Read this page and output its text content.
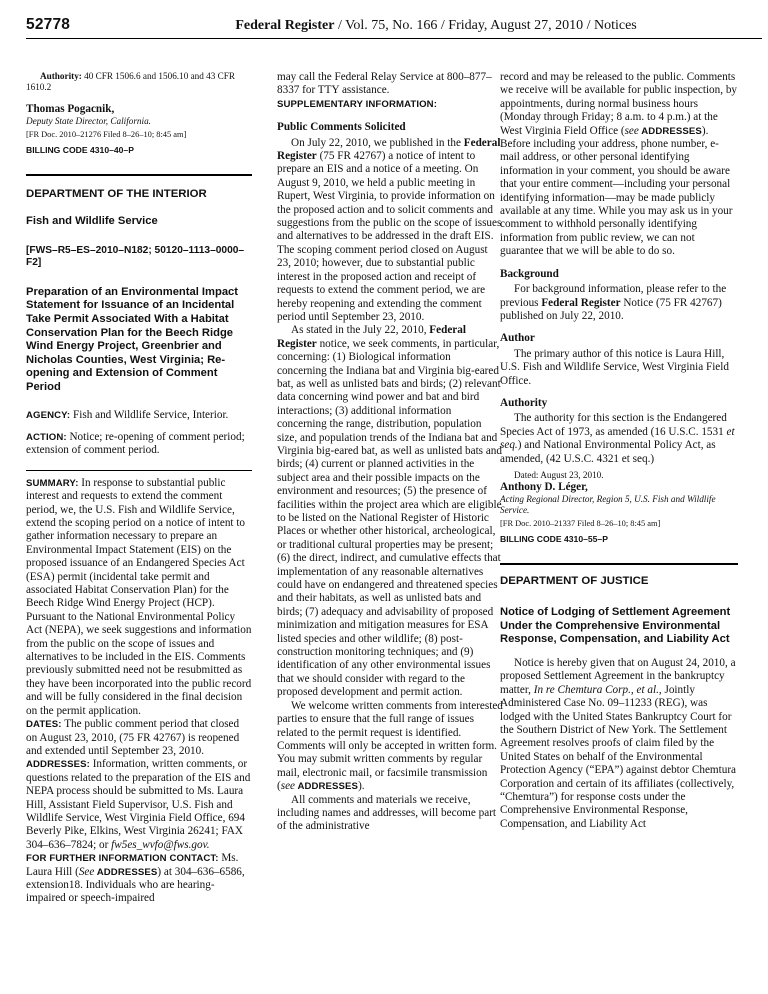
52778	Federal Register / Vol. 75, No. 166 / Friday, August 27, 2010 / Notices

Authority: 40 CFR 1506.6 and 1506.10 and 43 CFR 1610.2

Thomas Pogacnik,

Deputy State Director, California.

[FR Doc. 2010–21276 Filed 8–26–10; 8:45 am]

BILLING CODE 4310–40–P

DEPARTMENT OF THE INTERIOR

Fish and Wildlife Service

[FWS–R5–ES–2010–N182; 50120–1113–0000–F2]

Preparation of an Environmental Impact Statement for Issuance of an Incidental Take Permit Associated With a Habitat Conservation Plan for the Beech Ridge Wind Energy Project, Greenbrier and Nicholas Counties, West Virginia; Re-opening and Extension of Comment Period

AGENCY: Fish and Wildlife Service, Interior.

ACTION: Notice; re-opening of comment period; extension of comment period.

SUMMARY: In response to substantial public interest and requests to extend the comment period, we, the U.S. Fish and Wildlife Service, extend the scoping period on a notice of intent to gather information necessary to prepare an Environmental Impact Statement (EIS) on the proposed issuance of an Endangered Species Act (ESA) permit (incidental take permit and associated Habitat Conservation Plan) for the Beech Ridge Wind Energy Project (HCP). Pursuant to the National Environmental Policy Act (NEPA), we seek suggestions and information from the public on the scope of issues and alternatives to be included in the EIS. Comments previously submitted need not be resubmitted as they have been incorporated into the public record and will be fully considered in the final decision on the permit application.

DATES: The public comment period that closed on August 23, 2010, (75 FR 42767) is reopened and extended until September 23, 2010.

ADDRESSES: Information, written comments, or questions related to the preparation of the EIS and NEPA process should be submitted to Ms. Laura Hill, Assistant Field Supervisor, U.S. Fish and Wildlife Service, West Virginia Field Office, 694 Beverly Pike, Elkins, West Virginia 26241; FAX 304–636–7824; or fw5es_wvfo@fws.gov.

FOR FURTHER INFORMATION CONTACT: Ms. Laura Hill (See ADDRESSES) at 304–636–6586, extension18. Individuals who are hearing-impaired or speech-impaired

may call the Federal Relay Service at 800–877–8337 for TTY assistance.

SUPPLEMENTARY INFORMATION:

Public Comments Solicited

On July 22, 2010, we published in the Federal Register (75 FR 42767) a notice of intent to prepare an EIS and a notice of a meeting. On August 9, 2010, we held a public meeting in Rupert, West Virginia, to provide information on the proposed action and to solicit comments and suggestions from the public on the scope of issues and alternatives to be addressed in the draft EIS. The scoping comment period closed on August 23, 2010; however, due to substantial public interest in the proposed action and receipt of requests to extend the comment period, we are hereby reopening and extending the comment period until September 23, 2010.

As stated in the July 22, 2010, Federal Register notice, we seek comments, in particular, concerning: (1) Biological information concerning the Indiana bat and Virginia big-eared bat, as well as unlisted bats and birds; (2) relevant data concerning wind power and bat and bird interactions; (3) additional information concerning the range, distribution, population size, and population trends of the Indiana bat and Virginia big-eared bat, as well as unlisted bats and birds; (4) current or planned activities in the subject area and their possible impacts on the environment and resources; (5) the presence of facilities within the project area which are eligible to be listed on the National Register of Historic Places or whether other historical, archeological, or traditional cultural properties may be present; (6) the direct, indirect, and cumulative effects that implementation of any reasonable alternatives could have on endangered and threatened species and their habitats, as well as unlisted bats and birds; (7) adequacy and advisability of proposed minimization and mitigation measures for ESA listed species and other wildlife; (8) post-construction monitoring techniques; and (9) identification of any other environmental issues that we should consider with regard to the proposed development and permit action.

We welcome written comments from interested parties to ensure that the full range of issues related to the permit request is identified. Comments will only be accepted in written form. You may submit written comments by regular mail, electronic mail, or facsimile transmission (see ADDRESSES).

All comments and materials we receive, including names and addresses, will become part of the administrative

record and may be released to the public. Comments we receive will be available for public inspection, by appointments, during normal business hours (Monday through Friday; 8 a.m. to 4 p.m.) at the West Virginia Field Office (see ADDRESSES). Before including your address, phone number, e-mail address, or other personal identifying information in your comment, you should be aware that your entire comment—including your personal identifying information—may be made publicly available at any time. While you may ask us in your comment to withhold personally identifying information from public review, we can not guarantee that we will be able to do so.

Background

For background information, please refer to the previous Federal Register Notice (75 FR 42767) published on July 22, 2010.

Author

The primary author of this notice is Laura Hill, U.S. Fish and Wildlife Service, West Virginia Field Office.

Authority

The authority for this section is the Endangered Species Act of 1973, as amended (16 U.S.C. 1531 et seq.) and National Environmental Policy Act, as amended, (42 U.S.C. 4321 et seq.)

Dated: August 23, 2010.

Anthony D. Léger,

Acting Regional Director, Region 5, U.S. Fish and Wildlife Service.

[FR Doc. 2010–21337 Filed 8–26–10; 8:45 am]

BILLING CODE 4310–55–P

DEPARTMENT OF JUSTICE

Notice of Lodging of Settlement Agreement Under the Comprehensive Environmental Response, Compensation, and Liability Act

Notice is hereby given that on August 24, 2010, a proposed Settlement Agreement in the bankruptcy matter, In re Chemtura Corp., et al., Jointly Administered Case No. 09–11233 (REG), was lodged with the United States Bankruptcy Court for the Southern District of New York. The Settlement Agreement resolves proofs of claim filed by the United States on behalf of the Environmental Protection Agency (“EPA”) against debtor Chemtura Corporation and certain of its affiliates (collectively, “Chemtura”) for response costs under the Comprehensive Environmental Response, Compensation, and Liability Act
